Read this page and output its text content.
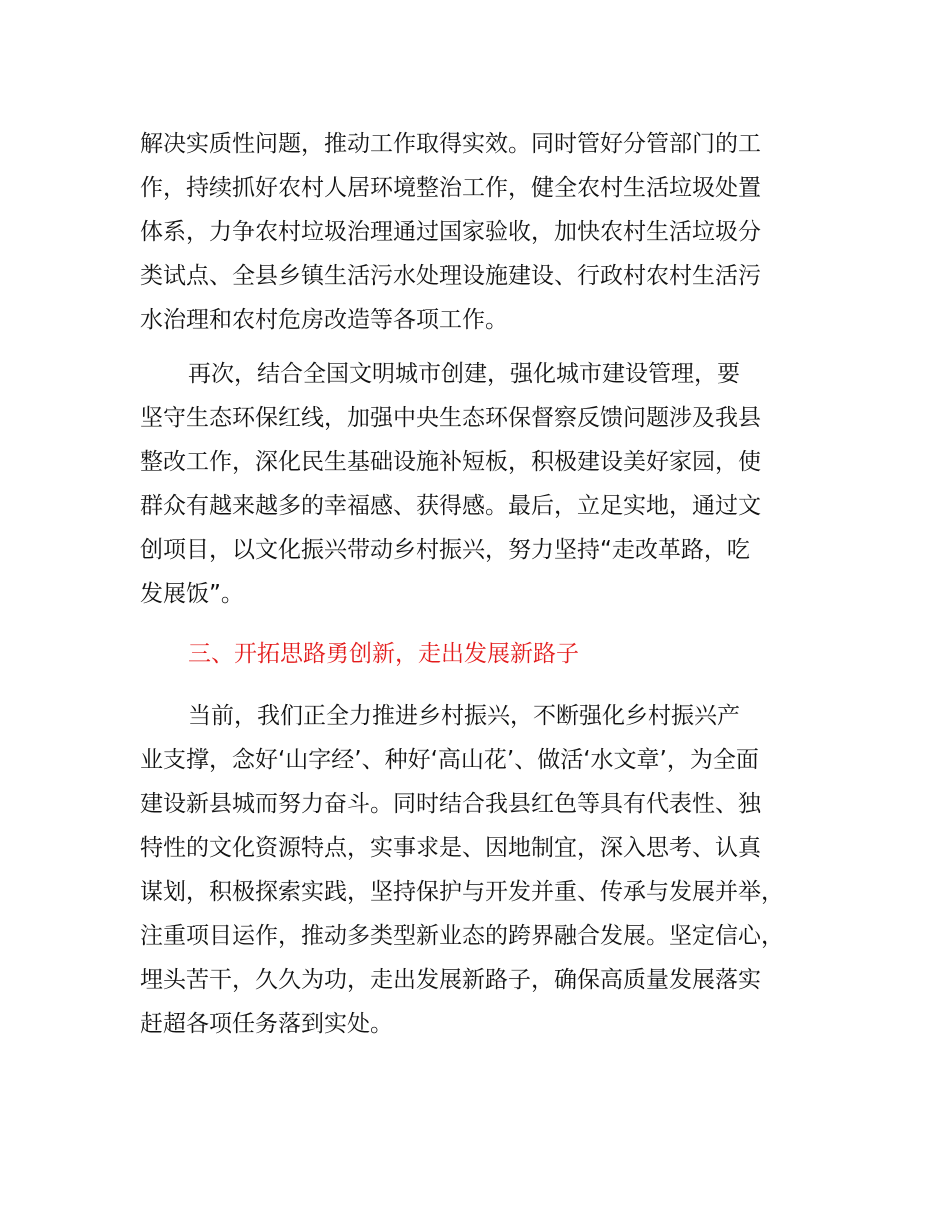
解决实质性问题，推动工作取得实效。同时管好分管部门的工
作，持续抓好农村人居环境整治工作，健全农村生活垃圾处置
体系，力争农村垃圾治理通过国家验收，加快农村生活垃圾分
类试点、全县乡镇生活污水处理设施建设、行政村农村生活污
水治理和农村危房改造等各项工作。
再次，结合全国文明城市创建，强化城市建设管理，要
坚守生态环保红线，加强中央生态环保督察反馈问题涉及我县
整改工作，深化民生基础设施补短板，积极建设美好家园，使
群众有越来越多的幸福感、获得感。最后，立足实地，通过文
创项目，以文化振兴带动乡村振兴，努力坚持“走改革路，吃
发展饭”。
三、开拓思路勇创新，走出发展新路子
当前，我们正全力推进乡村振兴，不断强化乡村振兴产
业支撑，念好‘山字经’、种好‘高山花’、做活‘水文章’，为全面
建设新县城而努力奋斗。同时结合我县红色等具有代表性、独
特性的文化资源特点，实事求是、因地制宜，深入思考、认真
谋划，积极探索实践，坚持保护与开发并重、传承与发展并举，
注重项目运作，推动多类型新业态的跨界融合发展。坚定信心，
埋头苦干，久久为功，走出发展新路子，确保高质量发展落实
赶超各项任务落到实处。
